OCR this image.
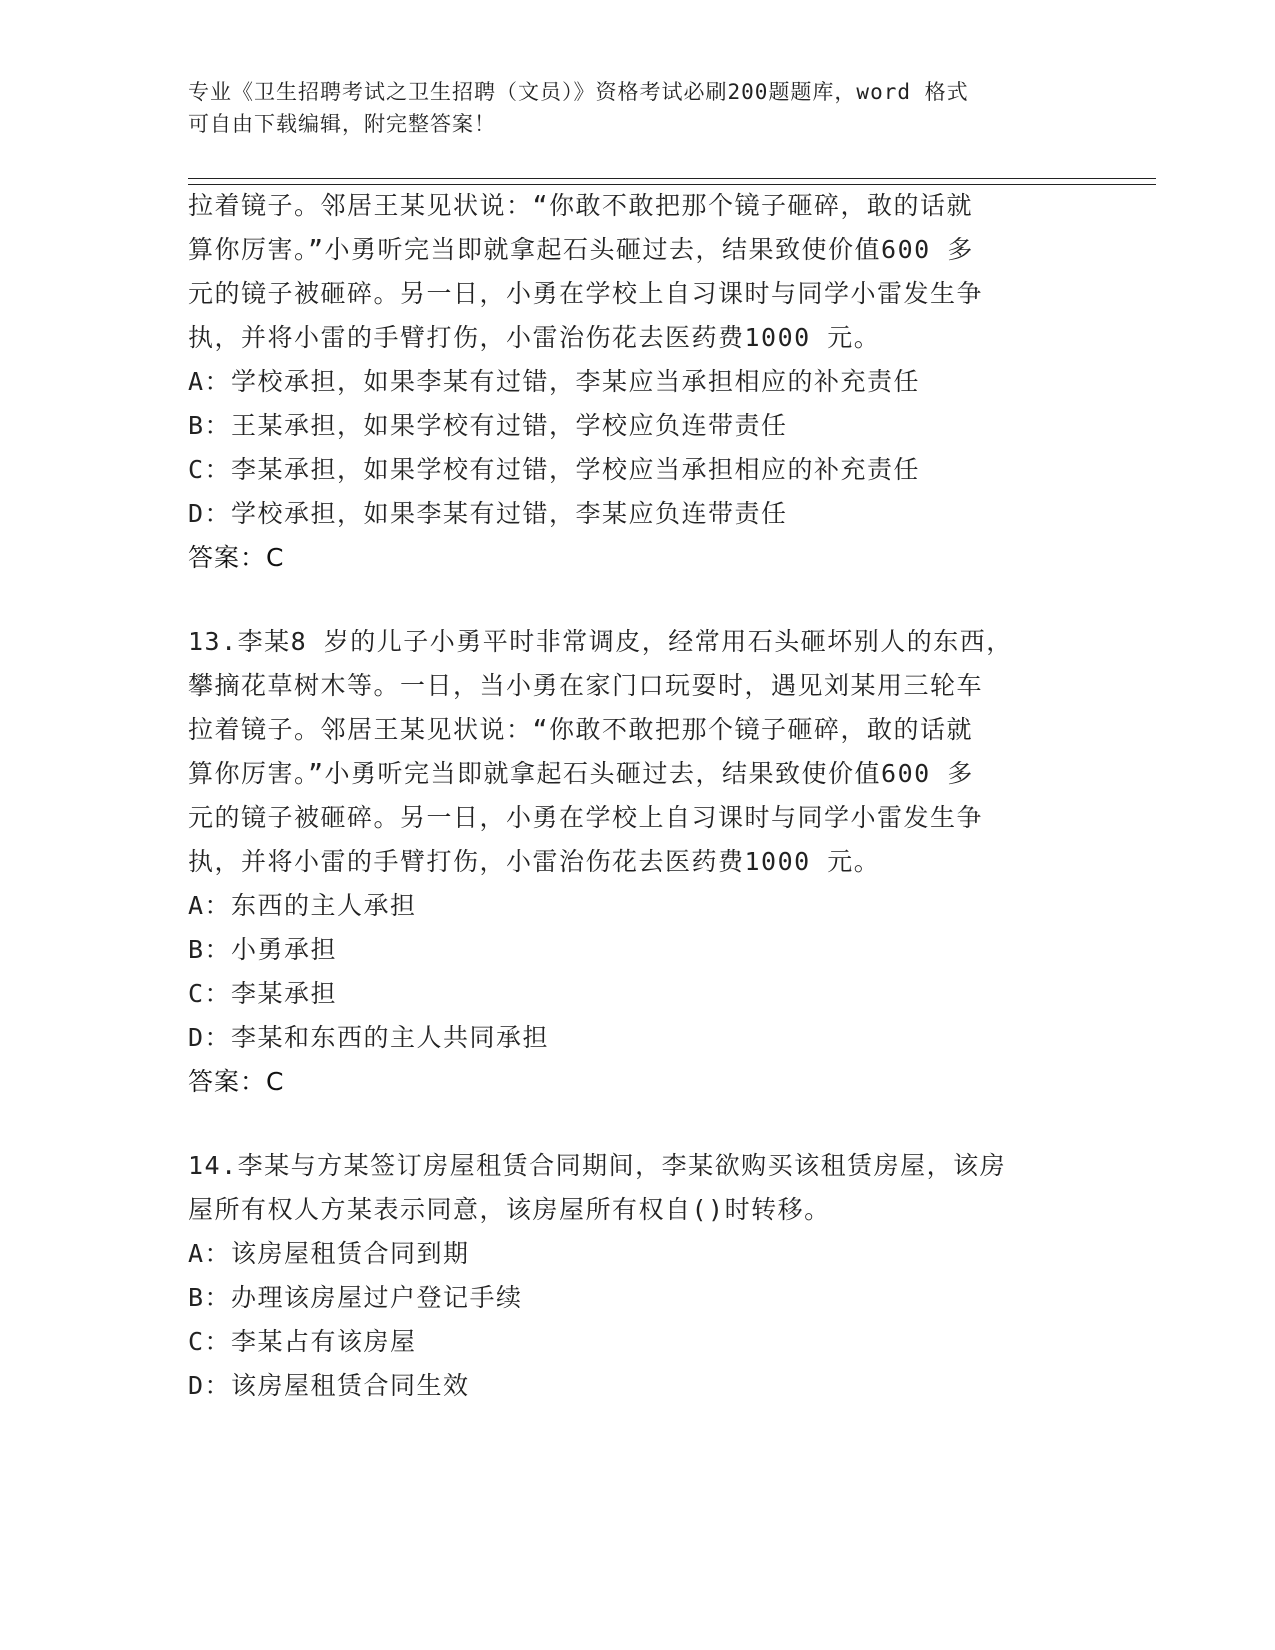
专业《卫生招聘考试之卫生招聘（文员）》资格考试必刷200题题库，word 格式
可自由下载编辑，附完整答案！
拉着镜子。邻居王某见状说：“你敢不敢把那个镜子砸碎，敢的话就
算你厉害。”小勇听完当即就拿起石头砸过去，结果致使价值600 多
元的镜子被砸碎。另一日，小勇在学校上自习课时与同学小雷发生争
执，并将小雷的手臂打伤，小雷治伤花去医药费1000 元。
A：学校承担，如果李某有过错，李某应当承担相应的补充责任
B：王某承担，如果学校有过错，学校应负连带责任
C：李某承担，如果学校有过错，学校应当承担相应的补充责任
D：学校承担，如果李某有过错，李某应负连带责任
答案：C
13.李某8 岁的儿子小勇平时非常调皮，经常用石头砸坏别人的东西，
攀摘花草树木等。一日，当小勇在家门口玩耍时，遇见刘某用三轮车
拉着镜子。邻居王某见状说：“你敢不敢把那个镜子砸碎，敢的话就
算你厉害。”小勇听完当即就拿起石头砸过去，结果致使价值600 多
元的镜子被砸碎。另一日，小勇在学校上自习课时与同学小雷发生争
执，并将小雷的手臂打伤，小雷治伤花去医药费1000 元。
A：东西的主人承担
B：小勇承担
C：李某承担
D：李某和东西的主人共同承担
答案：C
14.李某与方某签订房屋租赁合同期间，李某欲购买该租赁房屋，该房
屋所有权人方某表示同意，该房屋所有权自()时转移。
A：该房屋租赁合同到期
B：办理该房屋过户登记手续
C：李某占有该房屋
D：该房屋租赁合同生效
